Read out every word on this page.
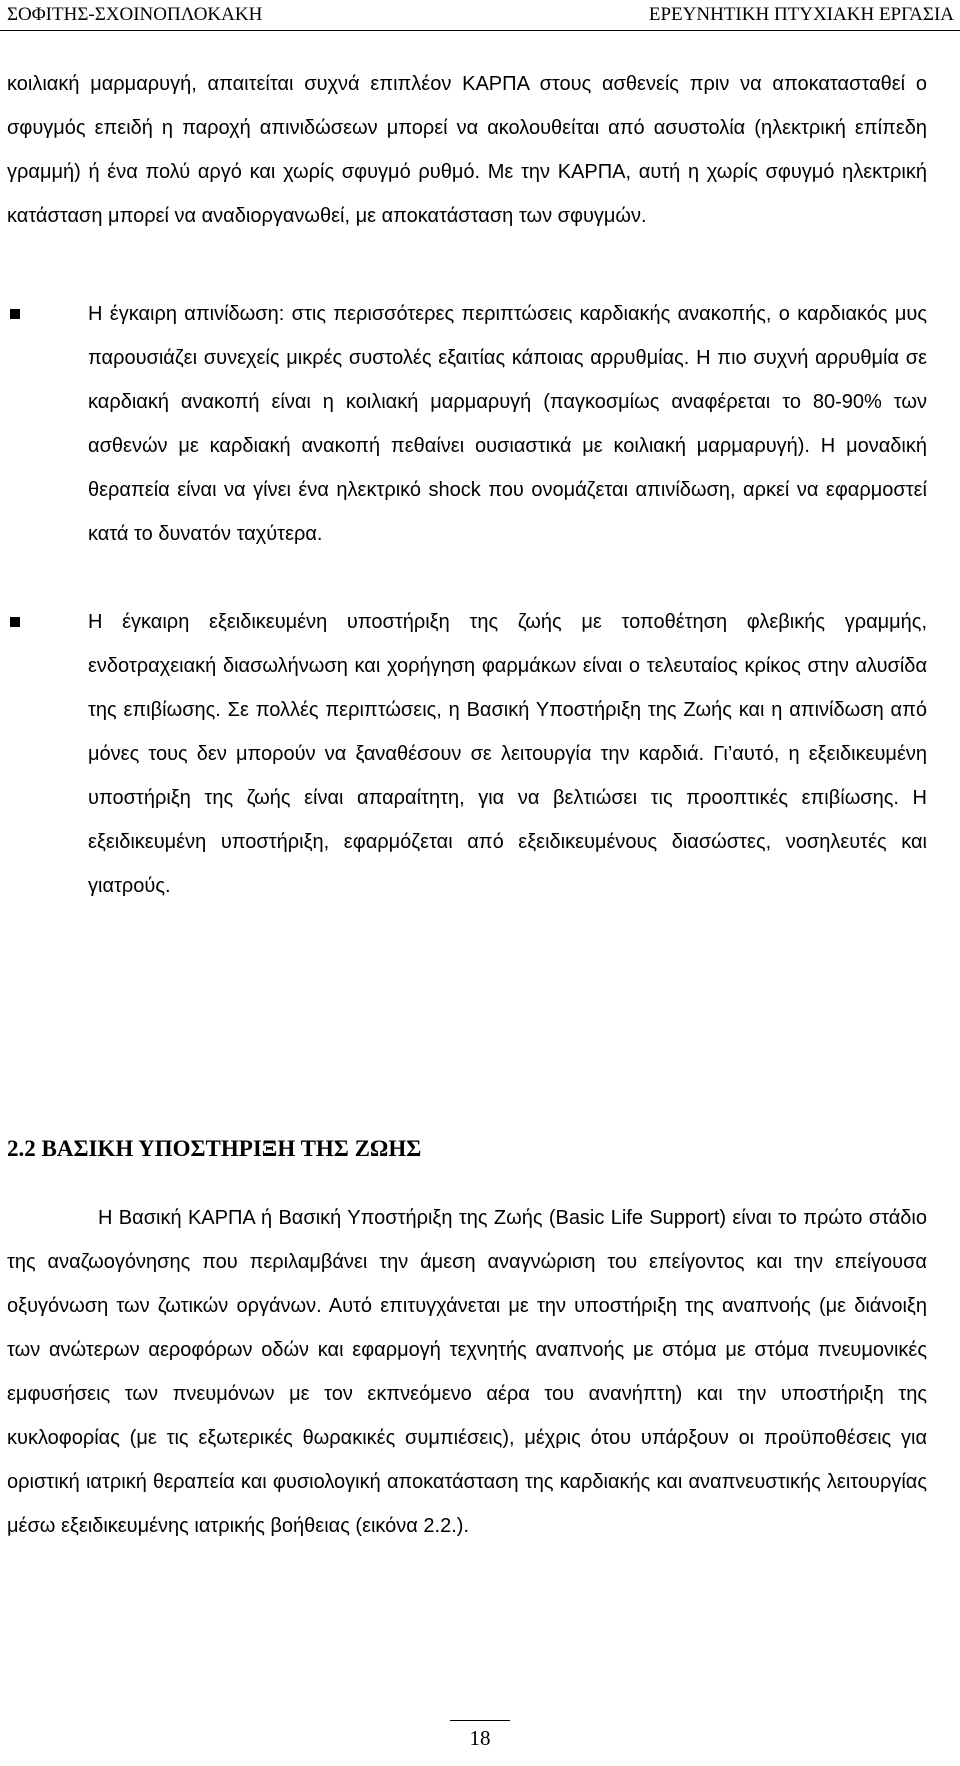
ΣΟΦΙΤΗΣ-ΣΧΟΙΝΟΠΛΟΚΑΚΗ	ΕΡΕΥΝΗΤΙΚΗ ΠΤΥΧΙΑΚΗ ΕΡΓΑΣΙΑ

κοιλιακή μαρμαρυγή, απαιτείται συχνά επιπλέον ΚΑΡΠΑ στους ασθενείς πριν να αποκατασταθεί ο σφυγμός επειδή η παροχή απινιδώσεων μπορεί να ακολουθείται από ασυστολία (ηλεκτρική επίπεδη γραμμή) ή ένα πολύ αργό και χωρίς σφυγμό ρυθμό. Με την ΚΑΡΠΑ, αυτή η χωρίς σφυγμό ηλεκτρική κατάσταση μπορεί να αναδιοργανωθεί, με αποκατάσταση των σφυγμών.

Η έγκαιρη απινίδωση: στις περισσότερες περιπτώσεις καρδιακής ανακοπής, ο καρδιακός μυς παρουσιάζει συνεχείς μικρές συστολές εξαιτίας κάποιας αρρυθμίας. Η πιο συχνή αρρυθμία σε καρδιακή ανακοπή είναι η κοιλιακή μαρμαρυγή (παγκοσμίως αναφέρεται το 80-90% των ασθενών με καρδιακή ανακοπή πεθαίνει ουσιαστικά με κοιλιακή μαρμαρυγή). Η μοναδική θεραπεία είναι να γίνει ένα ηλεκτρικό shock που ονομάζεται απινίδωση, αρκεί να εφαρμοστεί κατά το δυνατόν ταχύτερα.

Η έγκαιρη εξειδικευμένη υποστήριξη της ζωής με τοποθέτηση φλεβικής γραμμής, ενδοτραχειακή διασωλήνωση και χορήγηση φαρμάκων είναι ο τελευταίος κρίκος στην αλυσίδα της επιβίωσης. Σε πολλές περιπτώσεις, η Βασική Υποστήριξη της Ζωής και η απινίδωση από μόνες τους δεν μπορούν να ξαναθέσουν σε λειτουργία την καρδιά. Γι’αυτό, η εξειδικευμένη υποστήριξη της ζωής είναι απαραίτητη, για να βελτιώσει τις προοπτικές επιβίωσης. Η εξειδικευμένη υποστήριξη, εφαρμόζεται από εξειδικευμένους διασώστες, νοσηλευτές και γιατρούς.

2.2 ΒΑΣΙΚΗ ΥΠΟΣΤΗΡΙΞΗ ΤΗΣ ΖΩΗΣ

Η Βασική ΚΑΡΠΑ ή Βασική Υποστήριξη της Ζωής (Basic Life Support) είναι το πρώτο στάδιο της αναζωογόνησης που περιλαμβάνει την άμεση αναγνώριση του επείγοντος και την επείγουσα οξυγόνωση των ζωτικών οργάνων. Αυτό επιτυγχάνεται με την υποστήριξη της αναπνοής (με διάνοιξη των ανώτερων αεροφόρων οδών και εφαρμογή τεχνητής αναπνοής με στόμα με στόμα πνευμονικές εμφυσήσεις των πνευμόνων με τον εκπνεόμενο αέρα του ανανήπτη) και την υποστήριξη της κυκλοφορίας (με τις εξωτερικές θωρακικές συμπιέσεις), μέχρις ότου υπάρξουν οι προϋποθέσεις για οριστική ιατρική θεραπεία και φυσιολογική αποκατάσταση της καρδιακής και αναπνευστικής λειτουργίας μέσω εξειδικευμένης ιατρικής βοήθειας (εικόνα 2.2.).

18
